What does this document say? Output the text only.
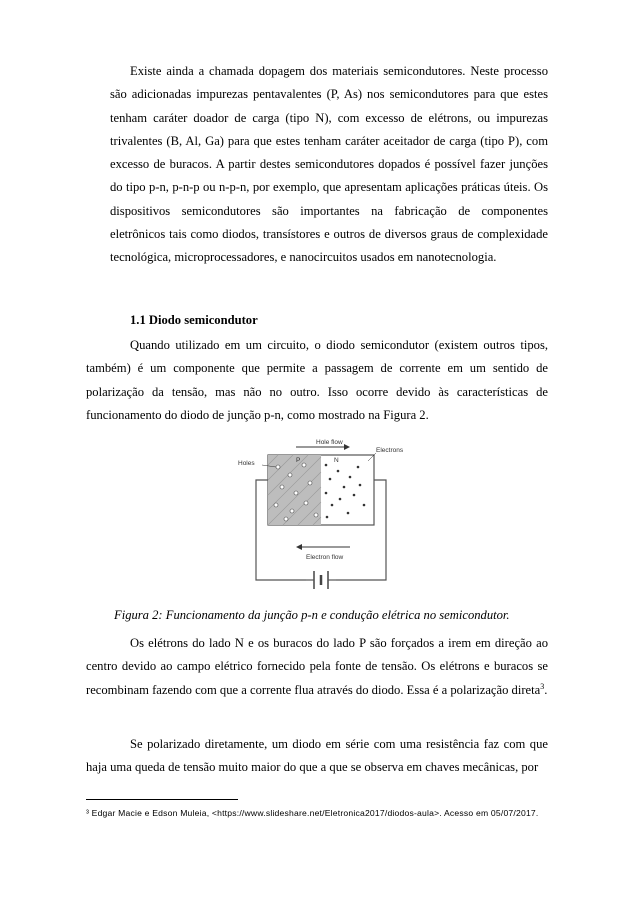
Existe ainda a chamada dopagem dos materiais semicondutores. Neste processo são adicionadas impurezas pentavalentes (P, As) nos semicondutores para que estes tenham caráter doador de carga (tipo N), com excesso de elétrons, ou impurezas trivalentes (B, Al, Ga) para que estes tenham caráter aceitador de carga (tipo P), com excesso de buracos. A partir destes semicondutores dopados é possível fazer junções do tipo p-n, p-n-p ou n-p-n, por exemplo, que apresentam aplicações práticas úteis. Os dispositivos semicondutores são importantes na fabricação de componentes eletrônicos tais como diodos, transístores e outros de diversos graus de complexidade tecnológica, microprocessadores, e nanocircuitos usados em nanotecnologia.

1.1 Diodo semicondutor

Quando utilizado em um circuito, o diodo semicondutor (existem outros tipos, também) é um componente que permite a passagem de corrente em um sentido de polarização da tensão, mas não no outro. Isso ocorre devido às características de funcionamento do diodo de junção p-n, como mostrado na Figura 2.

Hole flow
P	N
Electrons
Holes
Electron flow
Figura 2: Funcionamento da junção p-n e condução elétrica no semicondutor.

Os elétrons do lado N e os buracos do lado P são forçados a irem em direção ao centro devido ao campo elétrico fornecido pela fonte de tensão. Os elétrons e buracos se recombinam fazendo com que a corrente flua através do diodo. Essa é a polarização direta$^3$.

Se polarizado diretamente, um diodo em série com uma resistência faz com que haja uma queda de tensão muito maior do que a que se observa em chaves mecânicas, por

³ Edgar Macie e Edson Muleia, <https://www.slideshare.net/Eletronica2017/diodos-aula>. Acesso em 05/07/2017.
